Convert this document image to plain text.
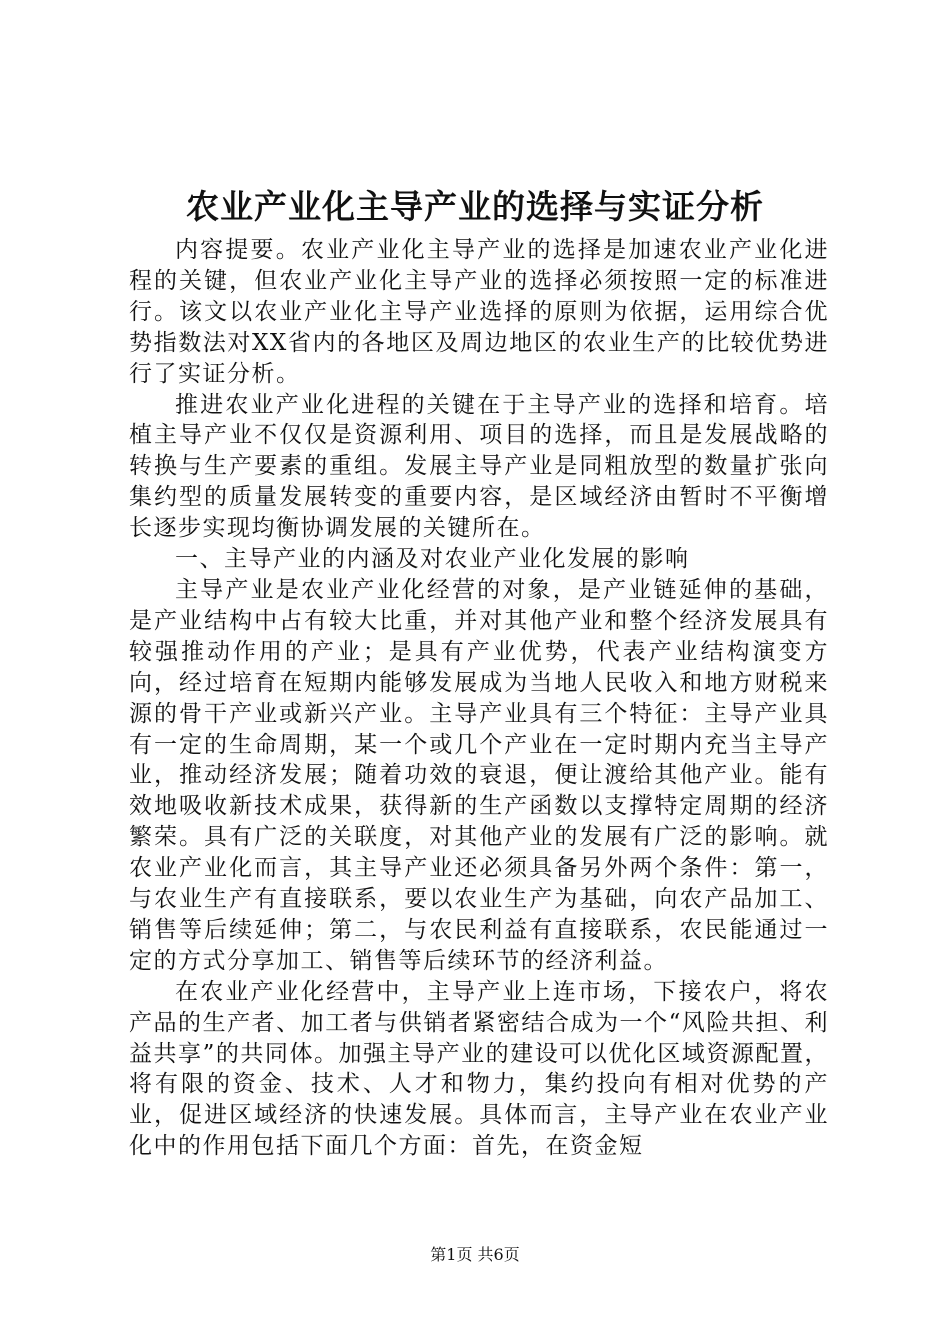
农业产业化主导产业的选择与实证分析

内容提要。农业产业化主导产业的选择是加速农业产业化进程的关键，但农业产业化主导产业的选择必须按照一定的标准进行。该文以农业产业化主导产业选择的原则为依据，运用综合优势指数法对XX省内的各地区及周边地区的农业生产的比较优势进行了实证分析。

推进农业产业化进程的关键在于主导产业的选择和培育。培植主导产业不仅仅是资源利用、项目的选择，而且是发展战略的转换与生产要素的重组。发展主导产业是同粗放型的数量扩张向集约型的质量发展转变的重要内容，是区域经济由暂时不平衡增长逐步实现均衡协调发展的关键所在。

一、主导产业的内涵及对农业产业化发展的影响

主导产业是农业产业化经营的对象，是产业链延伸的基础，是产业结构中占有较大比重，并对其他产业和整个经济发展具有较强推动作用的产业；是具有产业优势，代表产业结构演变方向，经过培育在短期内能够发展成为当地人民收入和地方财税来源的骨干产业或新兴产业。主导产业具有三个特征：主导产业具有一定的生命周期，某一个或几个产业在一定时期内充当主导产业，推动经济发展；随着功效的衰退，便让渡给其他产业。能有效地吸收新技术成果，获得新的生产函数以支撑特定周期的经济繁荣。具有广泛的关联度，对其他产业的发展有广泛的影响。就农业产业化而言，其主导产业还必须具备另外两个条件：第一，与农业生产有直接联系，要以农业生产为基础，向农产品加工、销售等后续延伸；第二，与农民利益有直接联系，农民能通过一定的方式分享加工、销售等后续环节的经济利益。

在农业产业化经营中，主导产业上连市场，下接农户，将农产品的生产者、加工者与供销者紧密结合成为一个“风险共担、利益共享”的共同体。加强主导产业的建设可以优化区域资源配置，将有限的资金、技术、人才和物力，集约投向有相对优势的产业，促进区域经济的快速发展。具体而言，主导产业在农业产业化中的作用包括下面几个方面：首先，在资金短

第1页 共6页
